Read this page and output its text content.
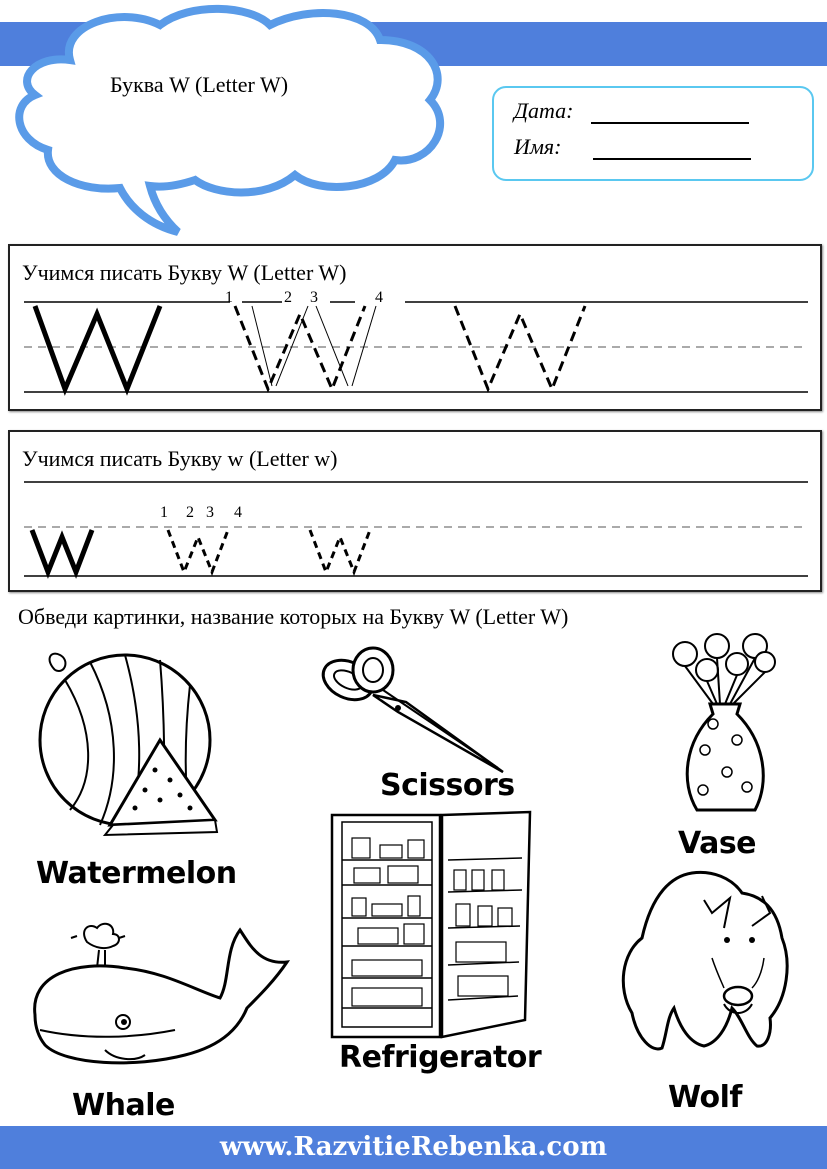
Буква W (Letter W)
Дата:
Имя:
Учимся писать Букву W (Letter W)
1	2 3	4
Учимся писать Букву w (Letter w)
1 2 3 4
Обведи картинки, название которых на Букву W (Letter W)
Watermelon
Scissors
Vase
Refrigerator
Whale	Wolf
www.RazvitieRebenka.com
